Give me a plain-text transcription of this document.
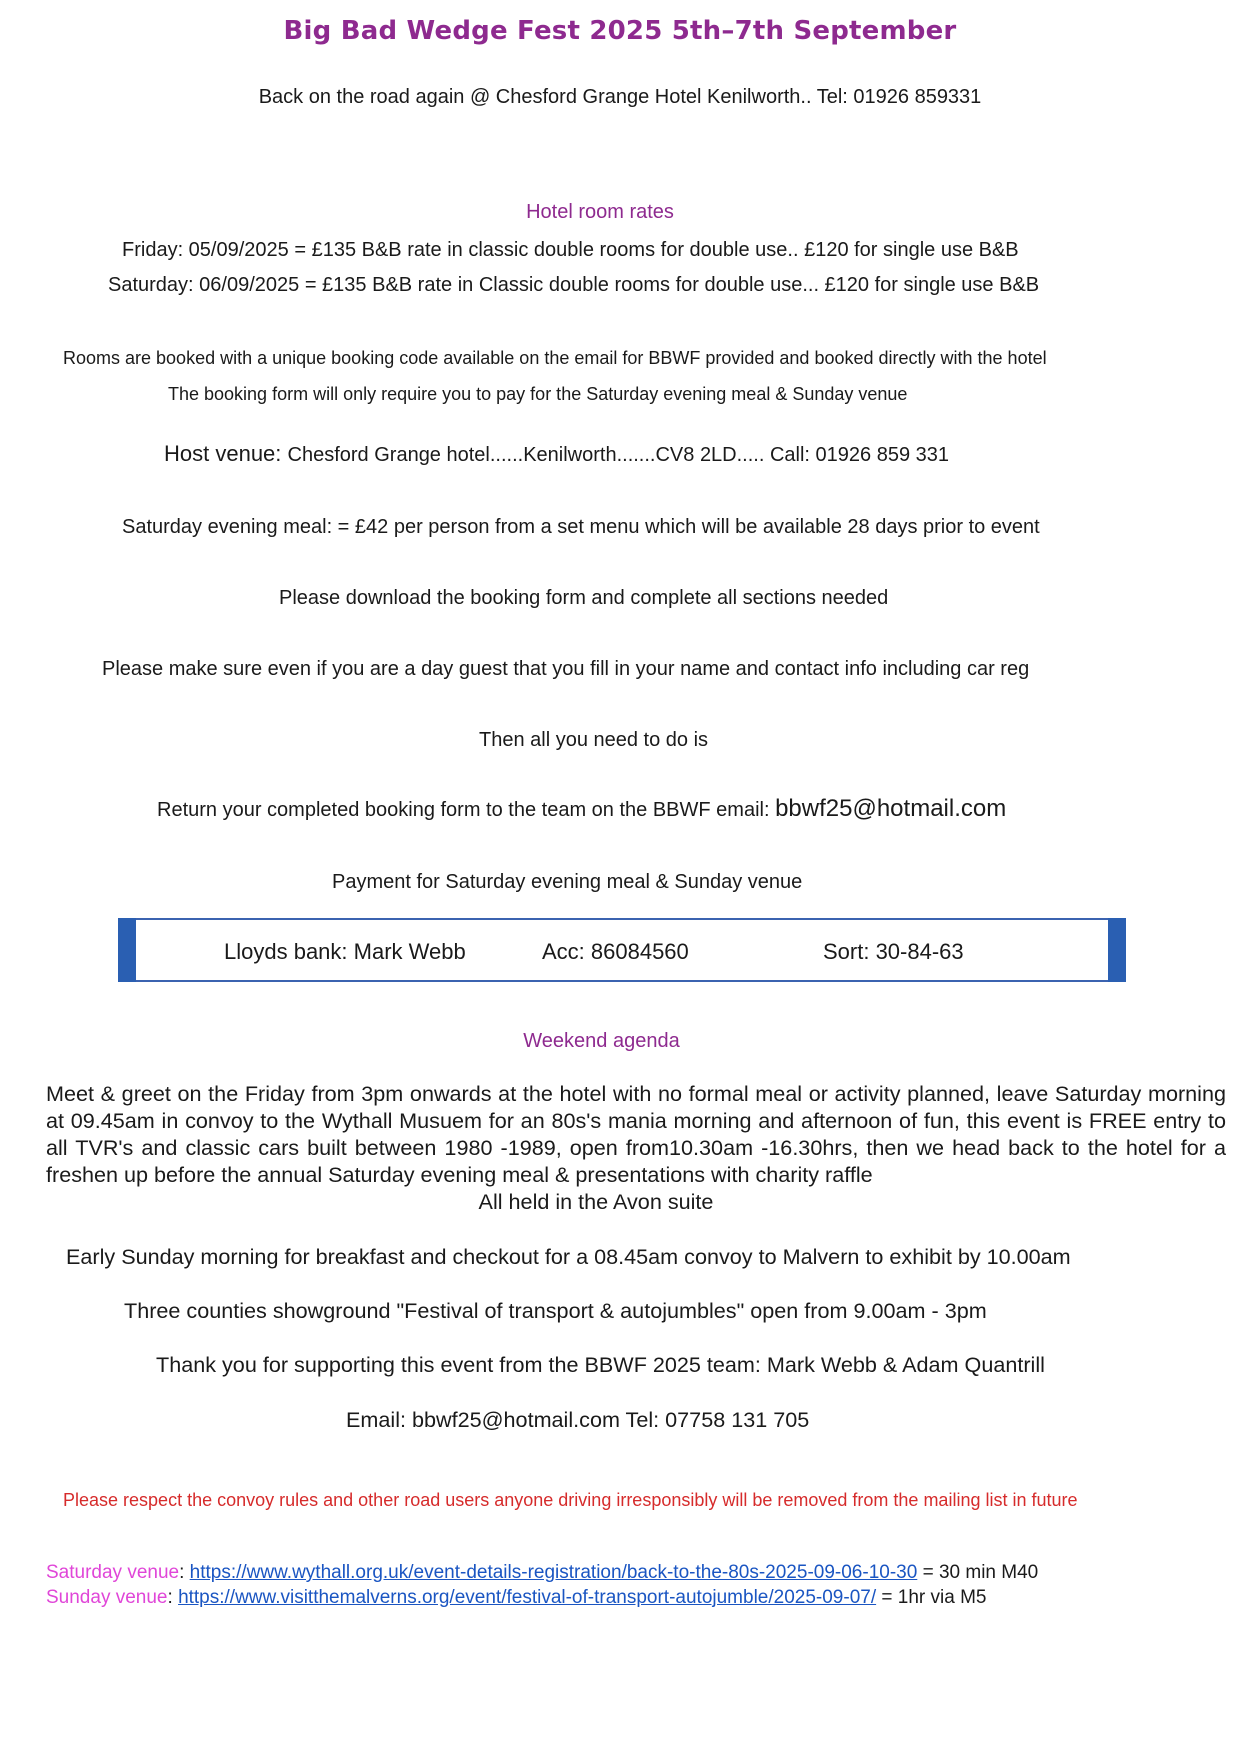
Big Bad Wedge Fest 2025 5th–7th September
Back on the road again @ Chesford Grange Hotel Kenilworth.. Tel: 01926 859331
Hotel room rates
Friday: 05/09/2025 = £135 B&B rate in classic double rooms for double use.. £120 for single use B&B
Saturday: 06/09/2025 = £135 B&B rate in Classic double rooms for double use... £120 for single use B&B
Rooms are booked with a unique booking code available on the email for BBWF provided and booked directly with the hotel
The booking form will only require you to pay for the Saturday evening meal & Sunday venue
Host venue: Chesford Grange hotel......Kenilworth.......CV8 2LD..... Call: 01926 859 331
Saturday evening meal: = £42 per person from a set menu which will be available 28 days prior to event
Please download the booking form and complete all sections needed
Please make sure even if you are a day guest that you fill in your name and contact info including car reg
Then all you need to do is
Return your completed booking form to the team on the BBWF email: bbwf25@hotmail.com
Payment for Saturday evening meal & Sunday venue
Lloyds bank: Mark Webb	Acc: 86084560	Sort: 30-84-63
Weekend agenda
Meet & greet on the Friday from 3pm onwards at the hotel with no formal meal or activity planned, leave Saturday morning at 09.45am in convoy to the Wythall Musuem for an 80s's mania morning and afternoon of fun, this event is FREE entry to all TVR's and classic cars built between 1980 -1989, open from10.30am -16.30hrs, then we head back to the hotel for a freshen up before the annual Saturday evening meal & presentations with charity raffle
All held in the Avon suite
Early Sunday morning for breakfast and checkout for a 08.45am convoy to Malvern to exhibit by 10.00am
Three counties showground "Festival of transport & autojumbles" open from 9.00am - 3pm
Thank you for supporting this event from the BBWF 2025 team: Mark Webb & Adam Quantrill
Email: bbwf25@hotmail.com Tel: 07758 131 705
Please respect the convoy rules and other road users anyone driving irresponsibly will be removed from the mailing list in future
Saturday venue: https://www.wythall.org.uk/event-details-registration/back-to-the-80s-2025-09-06-10-30 = 30 min M40
Sunday venue: https://www.visitthemalverns.org/event/festival-of-transport-autojumble/2025-09-07/ = 1hr via M5
